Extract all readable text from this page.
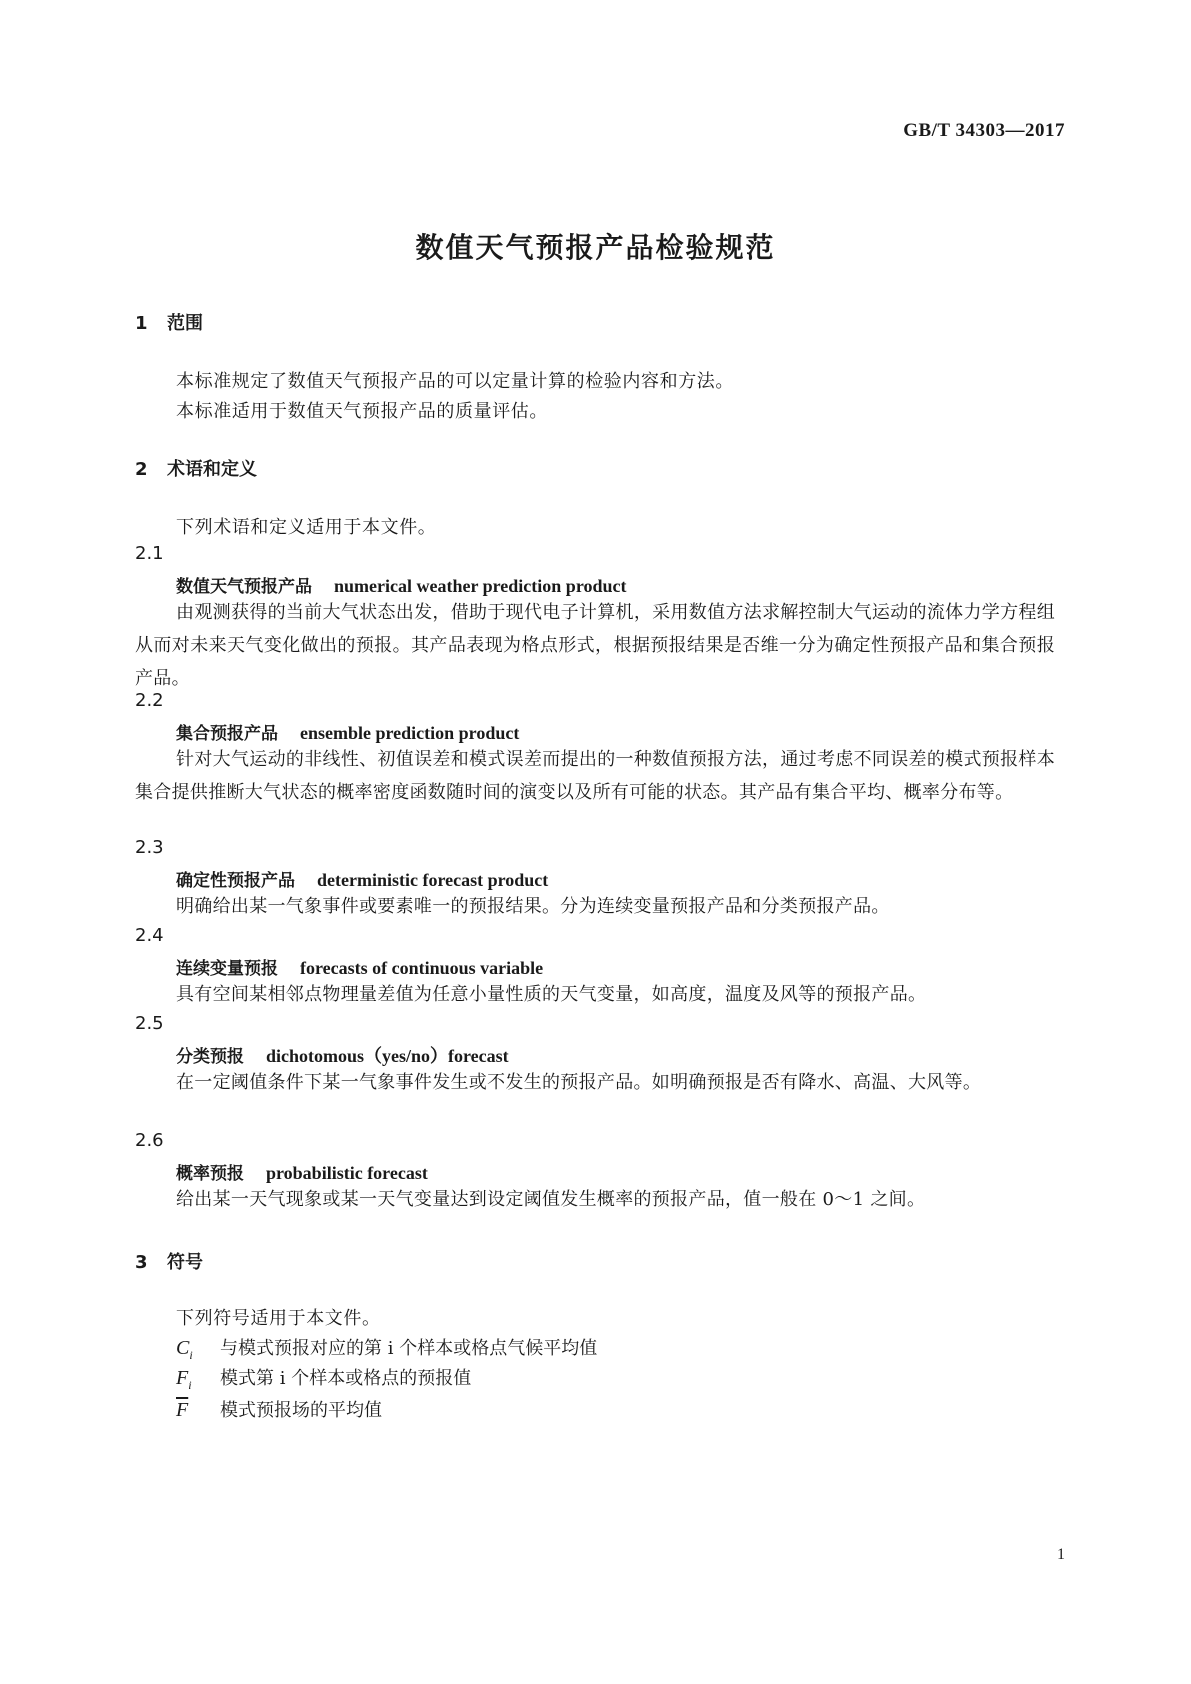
GB/T 34303—2017
数值天气预报产品检验规范
1 范围
本标准规定了数值天气预报产品的可以定量计算的检验内容和方法。
本标准适用于数值天气预报产品的质量评估。
2 术语和定义
下列术语和定义适用于本文件。
2.1
数值天气预报产品 numerical weather prediction product
由观测获得的当前大气状态出发，借助于现代电子计算机，采用数值方法求解控制大气运动的流体力学方程组从而对未来天气变化做出的预报。其产品表现为格点形式，根据预报结果是否维一分为确定性预报产品和集合预报产品。
2.2
集合预报产品 ensemble prediction product
针对大气运动的非线性、初值误差和模式误差而提出的一种数值预报方法，通过考虑不同误差的模式预报样本集合提供推断大气状态的概率密度函数随时间的演变以及所有可能的状态。其产品有集合平均、概率分布等。
2.3
确定性预报产品 deterministic forecast product
明确给出某一气象事件或要素唯一的预报结果。分为连续变量预报产品和分类预报产品。
2.4
连续变量预报 forecasts of continuous variable
具有空间某相邻点物理量差值为任意小量性质的天气变量，如高度，温度及风等的预报产品。
2.5
分类预报 dichotomous（yes/no）forecast
在一定阈值条件下某一气象事件发生或不发生的预报产品。如明确预报是否有降水、高温、大风等。
2.6
概率预报 probabilistic forecast
给出某一天气现象或某一天气变量达到设定阈值发生概率的预报产品，值一般在 0～1 之间。
3 符号
下列符号适用于本文件。
$C_i$ 与模式预报对应的第 i 个样本或格点气候平均值
$F_i$ 模式第 i 个样本或格点的预报值
$\overline{F}$ 模式预报场的平均值
1
